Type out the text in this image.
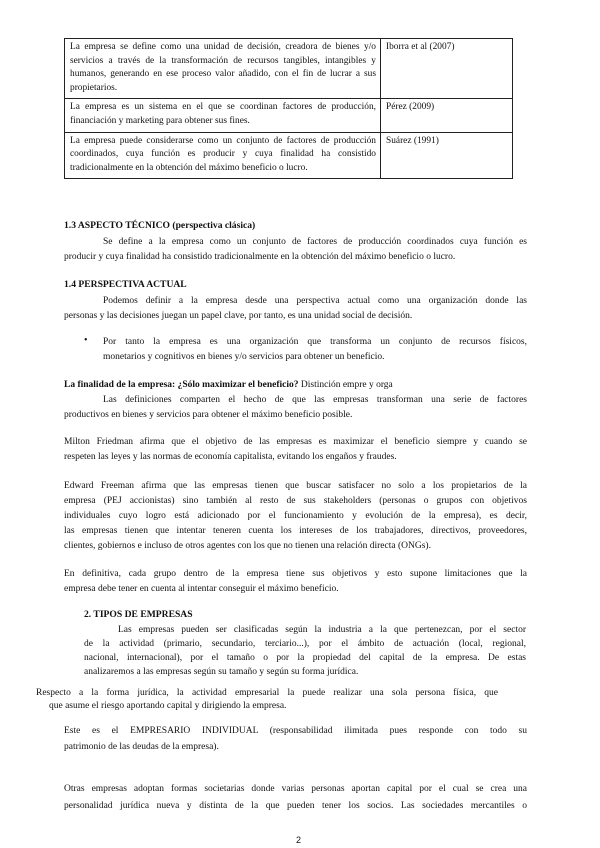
La empresa se define como una unidad de decisión, creadora de bienes y/o servicios a través de la transformación de recursos tangibles, intangibles y humanos, generando en ese proceso valor añadido, con el fin de lucrar a sus propietarios.	Iborra et al (2007)
La empresa es un sistema en el que se coordinan factores de producción, financiación y marketing para obtener sus fines.	Pérez (2009)
La empresa puede considerarse como un conjunto de factores de producción coordinados, cuya función es producir y cuya finalidad ha consistido tradicionalmente en la obtención del máximo beneficio o lucro.	Suárez (1991)
1.3 ASPECTO TÉCNICO (perspectiva clásica)
Se define a la empresa como un conjunto de factores de producción coordinados cuya función es
producir y cuya finalidad ha consistido tradicionalmente en la obtención del máximo beneficio o lucro.
1.4 PERSPECTIVA ACTUAL
Podemos definir a la empresa desde una perspectiva actual como una organización donde las
personas y las decisiones juegan un papel clave, por tanto, es una unidad social de decisión.
• Por tanto la empresa es una organización que transforma un conjunto de recursos físicos,
monetarios y cognitivos en bienes y/o servicios para obtener un beneficio.
La finalidad de la empresa: ¿Sólo maximizar el beneficio? Distinción empre y orga
Las definiciones comparten el hecho de que las empresas transforman una serie de factores
productivos en bienes y servicios para obtener el máximo beneficio posible.
Milton Friedman afirma que el objetivo de las empresas es maximizar el beneficio siempre y cuando se
respeten las leyes y las normas de economía capitalista, evitando los engaños y fraudes.
Edward Freeman afirma que las empresas tienen que buscar satisfacer no solo a los propietarios de la
empresa (PEJ accionistas) sino también al resto de sus stakeholders (personas o grupos con objetivos
individuales cuyo logro está adicionado por el funcionamiento y evolución de la empresa), es decir,
las empresas tienen que intentar teneren cuenta los intereses de los trabajadores, directivos, proveedores,
clientes, gobiernos e incluso de otros agentes con los que no tienen una relación directa (ONGs).
En definitiva, cada grupo dentro de la empresa tiene sus objetivos y esto supone limitaciones que la
empresa debe tener en cuenta al intentar conseguir el máximo beneficio.
2. TIPOS DE EMPRESAS
Las empresas pueden ser clasificadas según la industria a la que pertenezcan, por el sector
de la actividad (primario, secundario, terciario...), por el ámbito de actuación (local, regional,
nacional, internacional), por el tamaño o por la propiedad del capital de la empresa. De estas
analizaremos a las empresas según su tamaño y según su forma jurídica.
Respecto a la forma jurídica, la actividad empresarial la puede realizar una sola persona física, que
que asume el riesgo aportando capital y dirigiendo la empresa.
Este es el EMPRESARIO INDIVIDUAL (responsabilidad ilimitada pues responde con todo su
patrimonio de las deudas de la empresa).
Otras empresas adoptan formas societarias donde varias personas aportan capital por el cual se crea una
personalidad jurídica nueva y distinta de la que pueden tener los socios. Las sociedades mercantiles o
2
